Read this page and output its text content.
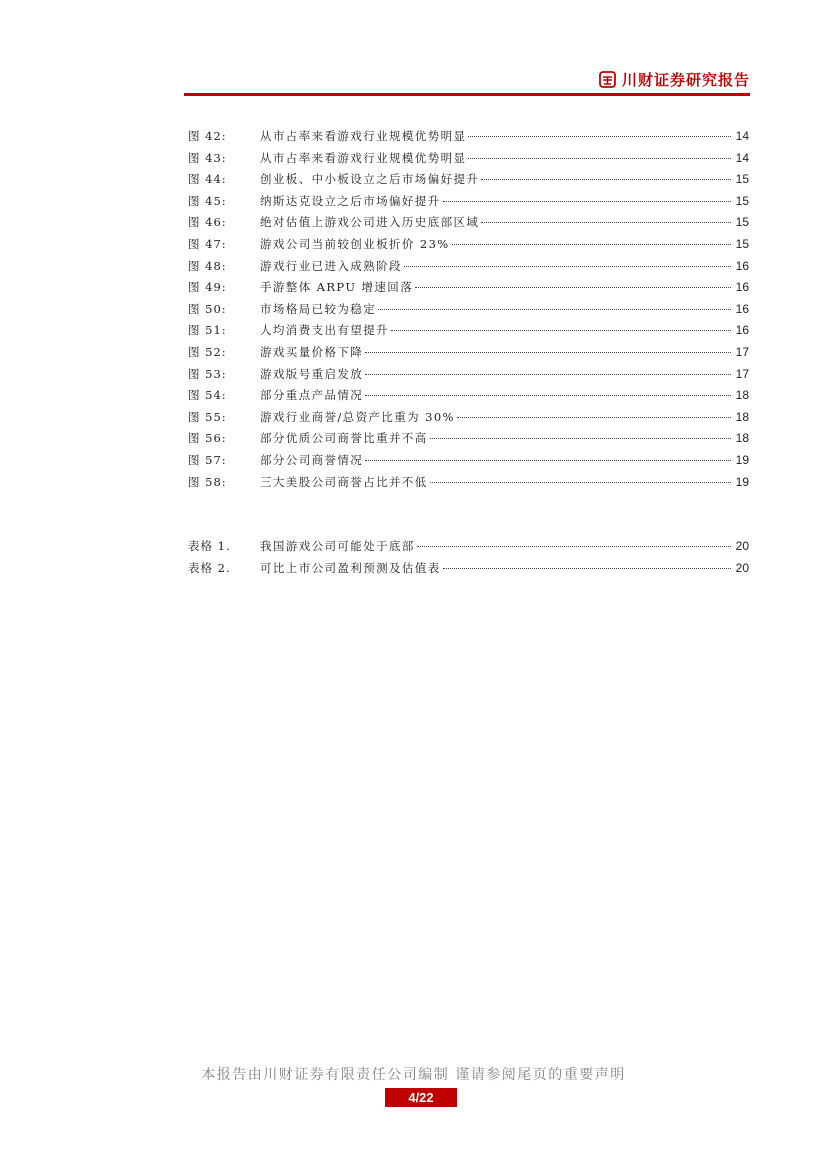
川财证券研究报告
图 42:	从市占率来看游戏行业规模优势明显	14
图 43:	从市占率来看游戏行业规模优势明显	14
图 44:	创业板、中小板设立之后市场偏好提升	15
图 45:	纳斯达克设立之后市场偏好提升	15
图 46:	绝对估值上游戏公司进入历史底部区域	15
图 47:	游戏公司当前较创业板折价 23%	15
图 48:	游戏行业已进入成熟阶段	16
图 49:	手游整体 ARPU 增速回落	16
图 50:	市场格局已较为稳定	16
图 51:	人均消费支出有望提升	16
图 52:	游戏买量价格下降	17
图 53:	游戏版号重启发放	17
图 54:	部分重点产品情况	18
图 55:	游戏行业商誉/总资产比重为 30%	18
图 56:	部分优质公司商誉比重并不高	18
图 57:	部分公司商誉情况	19
图 58:	三大美股公司商誉占比并不低	19
表格 1.	我国游戏公司可能处于底部	20
表格 2.	可比上市公司盈利预测及估值表	20
本报告由川财证券有限责任公司编制 谨请参阅尾页的重要声明
4/22
